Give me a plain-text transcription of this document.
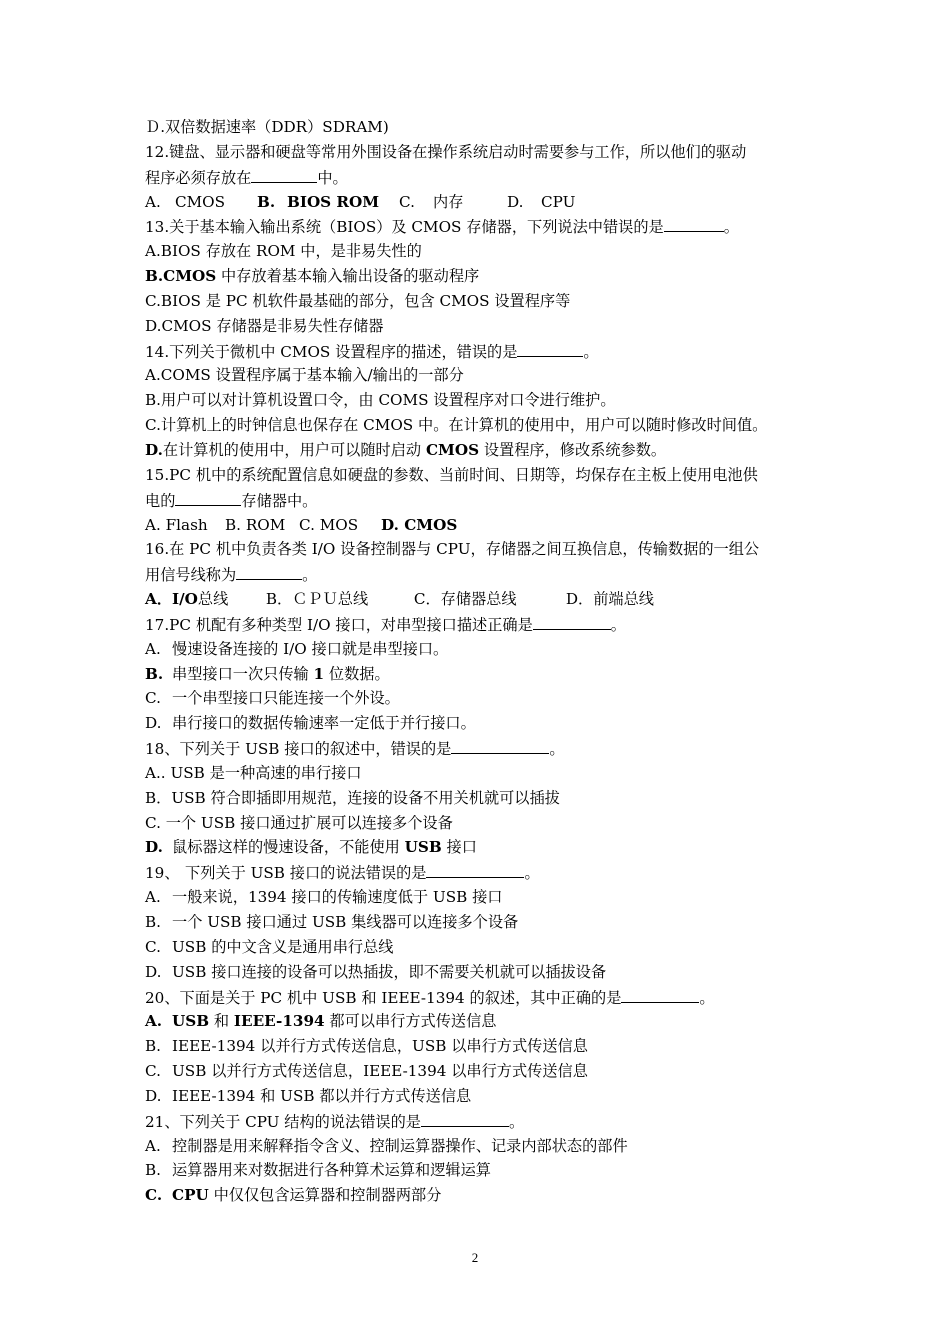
Ｄ.双倍数据速率（DDR）SDRAM)
12.键盘、显示器和硬盘等常用外围设备在操作系统启动时需要参与工作，所以他们的驱动
程序必须存放在	中。
A. CMOS B. BIOS ROM C. 内存	D. CPU
13.关于基本输入输出系统（BIOS）及 CMOS 存储器，下列说法中错误的是	。
A.BIOS 存放在 ROM 中，是非易失性的
B.CMOS 中存放着基本输入输出设备的驱动程序
C.BIOS 是 PC 机软件最基础的部分，包含 CMOS 设置程序等
D.CMOS 存储器是非易失性存储器
14.下列关于微机中 CMOS 设置程序的描述，错误的是	。
A.COMS 设置程序属于基本输入/输出的一部分
B.用户可以对计算机设置口令，由 COMS 设置程序对口令进行维护。
C.计算机上的时钟信息也保存在 CMOS 中。在计算机的使用中，用户可以随时修改时间值。
D.在计算机的使用中，用户可以随时启动 CMOS 设置程序，修改系统参数。
15.PC 机中的系统配置信息如硬盘的参数、当前时间、日期等，均保存在主板上使用电池供
电的	存储器中。
A. Flash B. ROM C. MOS D. CMOS
16.在 PC 机中负责各类 I/O 设备控制器与 CPU，存储器之间互换信息，传输数据的一组公
用信号线称为	。
A．I/O总线 B．ＣＰＵ总线	C．存储器总线	D．前端总线
17.PC 机配有多种类型 I/O 接口，对串型接口描述正确是	。
A. 慢速设备连接的 I/O 接口就是串型接口。
B. 串型接口一次只传输 1 位数据。
C. 一个串型接口只能连接一个外设。
D. 串行接口的数据传输速率一定低于并行接口。
18、下列关于 USB 接口的叙述中，错误的是	。
A.. USB 是一种高速的串行接口
B．USB 符合即插即用规范，连接的设备不用关机就可以插拔
C. 一个 USB 接口通过扩展可以连接多个设备
D. 鼠标器这样的慢速设备，不能使用 USB 接口
19、 下列关于 USB 接口的说法错误的是	。
A. 一般来说，1394 接口的传输速度低于 USB 接口
B. 一个 USB 接口通过 USB 集线器可以连接多个设备
C. USB 的中文含义是通用串行总线
D. USB 接口连接的设备可以热插拔，即不需要关机就可以插拔设备
20、下面是关于 PC 机中 USB 和 IEEE-1394 的叙述，其中正确的是	。
A. USB 和 IEEE-1394 都可以串行方式传送信息
B. IEEE-1394 以并行方式传送信息，USB 以串行方式传送信息
C. USB 以并行方式传送信息，IEEE-1394 以串行方式传送信息
D. IEEE-1394 和 USB 都以并行方式传送信息
21、下列关于 CPU 结构的说法错误的是	。
A. 控制器是用来解释指令含义、控制运算器操作、记录内部状态的部件
B. 运算器用来对数据进行各种算术运算和逻辑运算
C. CPU 中仅仅包含运算器和控制器两部分
2
